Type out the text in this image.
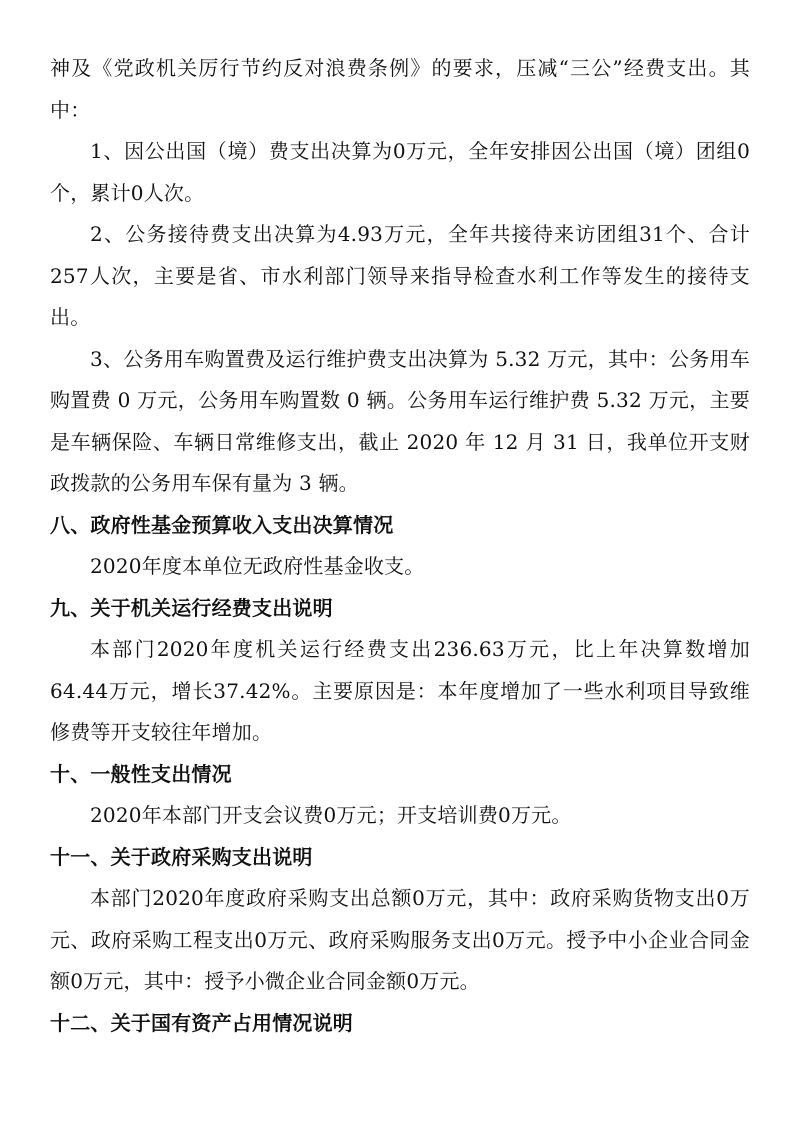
神及《党政机关厉行节约反对浪费条例》的要求，压减“三公”经费支出。其中：

1、因公出国（境）费支出决算为0万元，全年安排因公出国（境）团组0个，累计0人次。

2、公务接待费支出决算为4.93万元，全年共接待来访团组31个、合计257人次，主要是省、市水利部门领导来指导检查水利工作等发生的接待支出。

3、公务用车购置费及运行维护费支出决算为 5.32 万元，其中：公务用车购置费 0 万元，公务用车购置数 0 辆。公务用车运行维护费 5.32 万元，主要是车辆保险、车辆日常维修支出，截止 2020 年 12 月 31 日，我单位开支财政拨款的公务用车保有量为 3 辆。

八、政府性基金预算收入支出决算情况

2020年度本单位无政府性基金收支。

九、关于机关运行经费支出说明

本部门2020年度机关运行经费支出236.63万元，比上年决算数增加64.44万元，增长37.42%。主要原因是：本年度增加了一些水利项目导致维修费等开支较往年增加。

十、一般性支出情况

2020年本部门开支会议费0万元；开支培训费0万元。

十一、关于政府采购支出说明

本部门2020年度政府采购支出总额0万元，其中：政府采购货物支出0万元、政府采购工程支出0万元、政府采购服务支出0万元。授予中小企业合同金额0万元，其中：授予小微企业合同金额0万元。

十二、关于国有资产占用情况说明
